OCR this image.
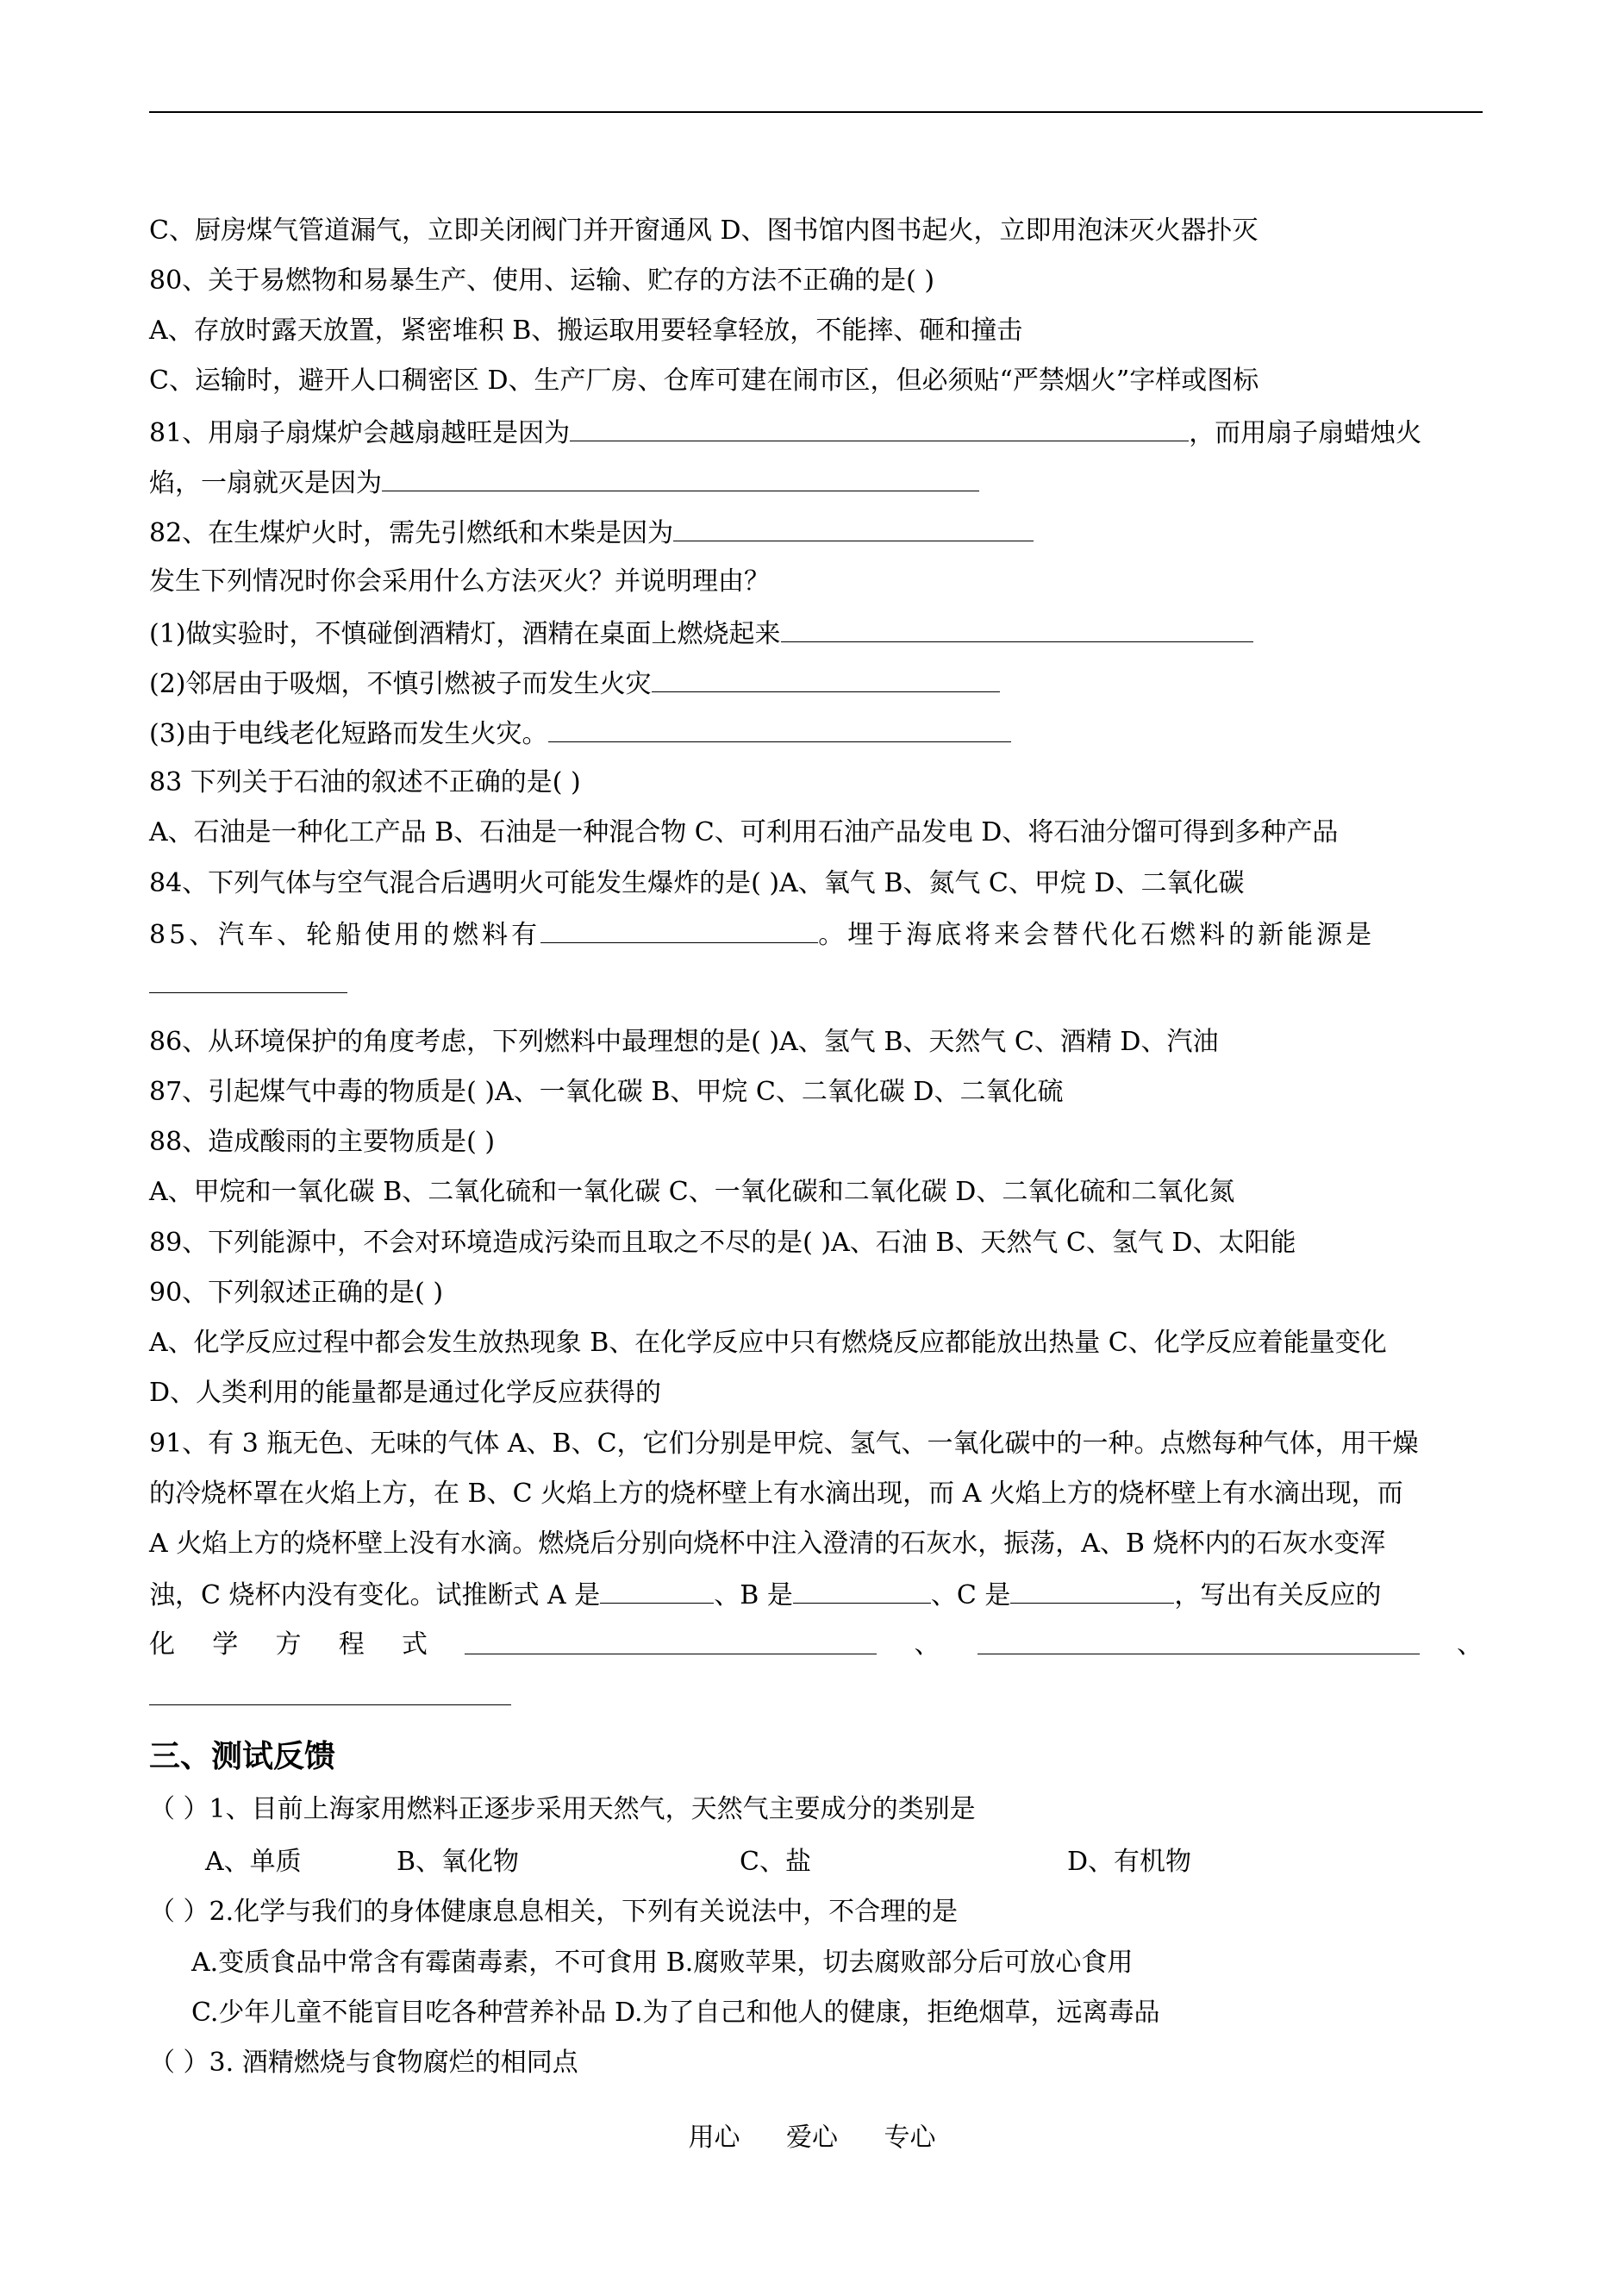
C、厨房煤气管道漏气，立即关闭阀门并开窗通风 D、图书馆内图书起火，立即用泡沫灭火器扑灭
80、关于易燃物和易暴生产、使用、运输、贮存的方法不正确的是( )
A、存放时露天放置，紧密堆积 B、搬运取用要轻拿轻放，不能摔、砸和撞击
C、运输时，避开人口稠密区 D、生产厂房、仓库可建在闹市区，但必须贴“严禁烟火”字样或图标
81、用扇子扇煤炉会越扇越旺是因为	，而用扇子扇蜡烛火
焰，一扇就灭是因为
82、在生煤炉火时，需先引燃纸和木柴是因为
发生下列情况时你会采用什么方法灭火？并说明理由？
(1)做实验时，不慎碰倒酒精灯，酒精在桌面上燃烧起来
(2)邻居由于吸烟，不慎引燃被子而发生火灾
(3)由于电线老化短路而发生火灾。
83 下列关于石油的叙述不正确的是( )
A、石油是一种化工产品 B、石油是一种混合物 C、可利用石油产品发电 D、将石油分馏可得到多种产品
84、下列气体与空气混合后遇明火可能发生爆炸的是( )A、氧气 B、氮气 C、甲烷 D、二氧化碳
85、汽车、轮船使用的燃料有	。埋于海底将来会替代化石燃料的新能源是
86、从环境保护的角度考虑，下列燃料中最理想的是( )A、氢气 B、天然气 C、酒精 D、汽油
87、引起煤气中毒的物质是( )A、一氧化碳 B、甲烷 C、二氧化碳 D、二氧化硫
88、造成酸雨的主要物质是( )
A、甲烷和一氧化碳 B、二氧化硫和一氧化碳 C、一氧化碳和二氧化碳 D、二氧化硫和二氧化氮
89、下列能源中，不会对环境造成污染而且取之不尽的是( )A、石油 B、天然气 C、氢气 D、太阳能
90、下列叙述正确的是( )
A、化学反应过程中都会发生放热现象 B、在化学反应中只有燃烧反应都能放出热量 C、化学反应着能量变化
D、人类利用的能量都是通过化学反应获得的
91、有 3 瓶无色、无味的气体 A、B、C，它们分别是甲烷、氢气、一氧化碳中的一种。点燃每种气体，用干燥
的冷烧杯罩在火焰上方，在 B、C 火焰上方的烧杯壁上有水滴出现，而 A 火焰上方的烧杯壁上有水滴出现，而
A 火焰上方的烧杯壁上没有水滴。燃烧后分别向烧杯中注入澄清的石灰水，振荡，A、B 烧杯内的石灰水变浑
浊，C 烧杯内没有变化。试推断式 A 是	、B 是	、C 是	，写出有关反应的
化 学 方 程 式	、	、
三、测试反馈
（ ）1、目前上海家用燃料正逐步采用天然气，天然气主要成分的类别是
A、单质	B、氧化物	C、盐	D、有机物
（ ）2.化学与我们的身体健康息息相关，下列有关说法中，不合理的是
A.变质食品中常含有霉菌毒素，不可食用 B.腐败苹果，切去腐败部分后可放心食用
C.少年儿童不能盲目吃各种营养补品 D.为了自己和他人的健康，拒绝烟草，远离毒品
（ ）3. 酒精燃烧与食物腐烂的相同点
用心 爱心 专心
